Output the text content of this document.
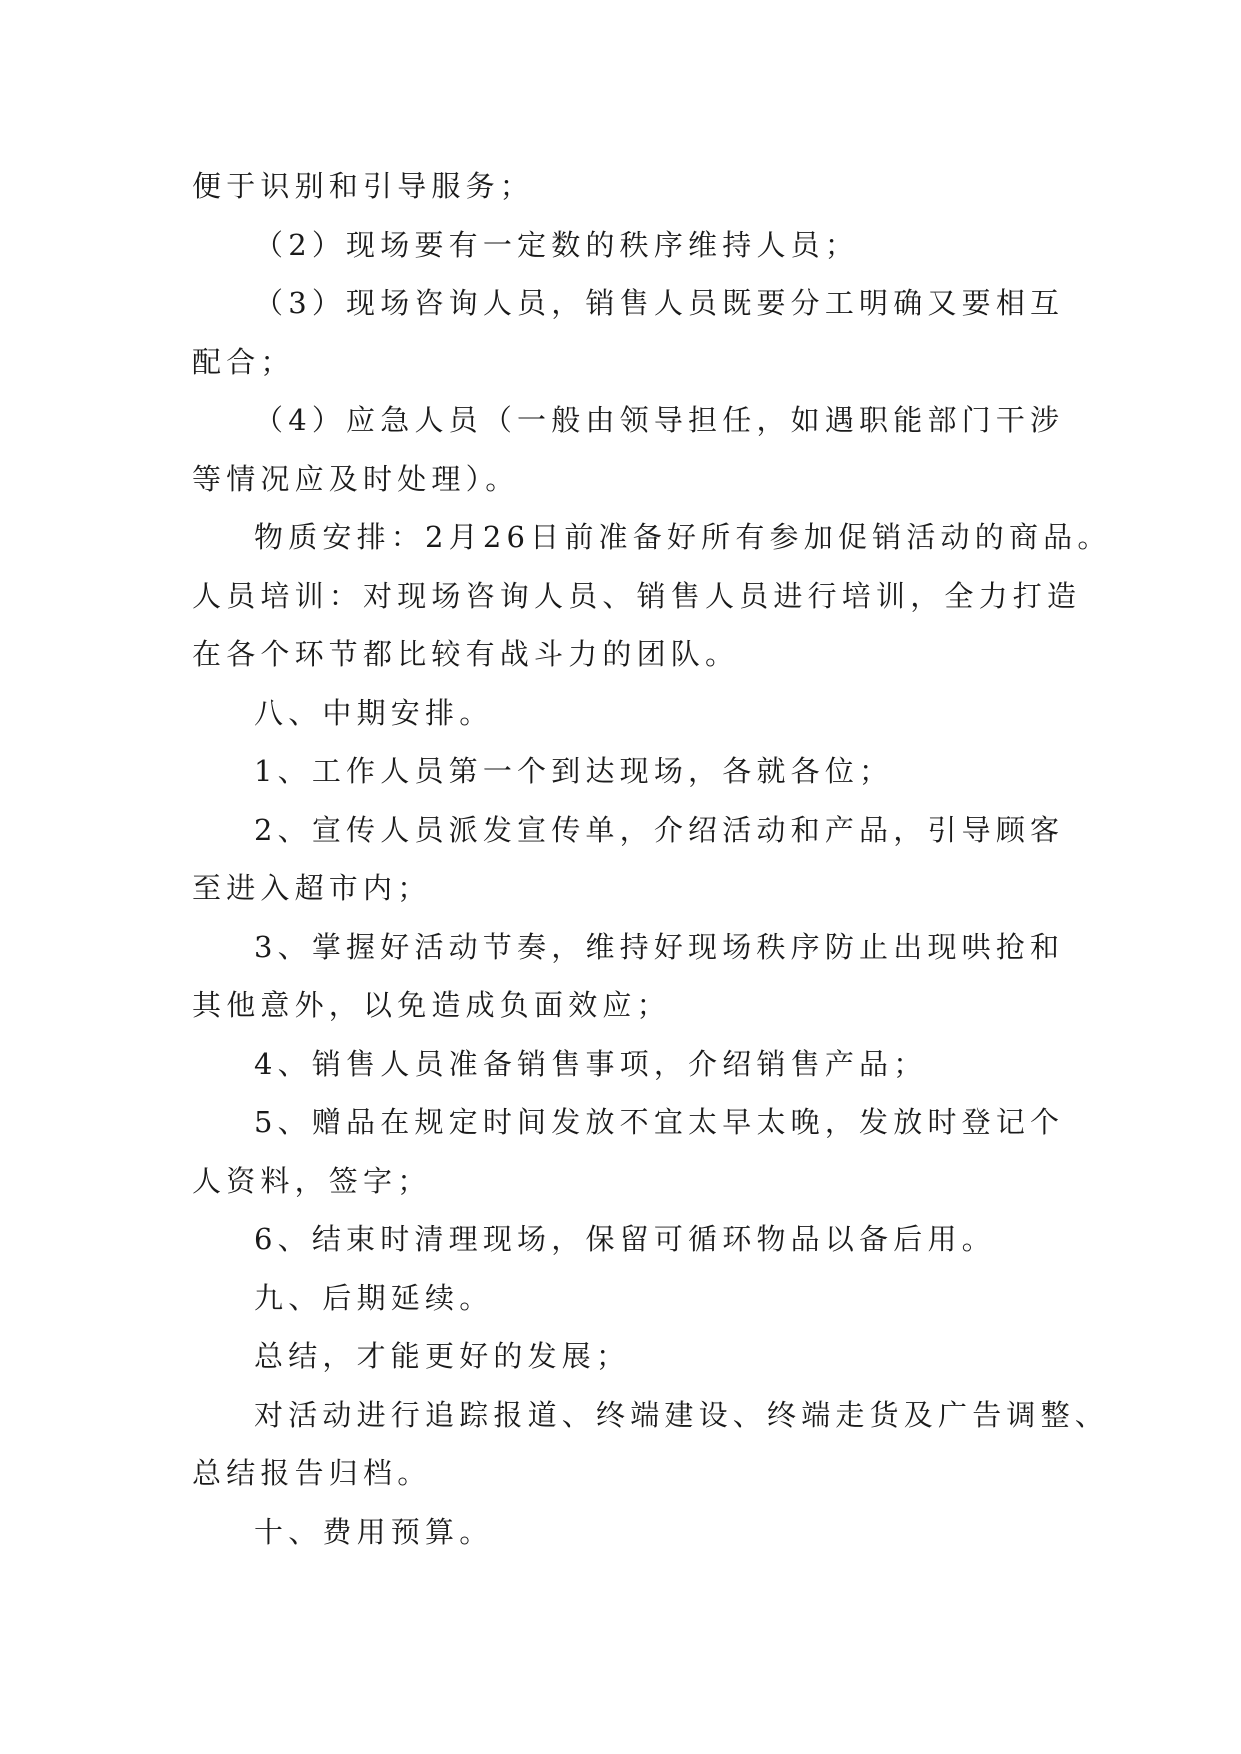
便于识别和引导服务；
（2）现场要有一定数的秩序维持人员；
（3）现场咨询人员，销售人员既要分工明确又要相互
配合；
（4）应急人员（一般由领导担任，如遇职能部门干涉
等情况应及时处理）。
物质安排：2月26日前准备好所有参加促销活动的商品。
人员培训：对现场咨询人员、销售人员进行培训，全力打造
在各个环节都比较有战斗力的团队。
八、中期安排。
1、工作人员第一个到达现场，各就各位；
2、宣传人员派发宣传单，介绍活动和产品，引导顾客
至进入超市内；
3、掌握好活动节奏，维持好现场秩序防止出现哄抢和
其他意外，以免造成负面效应；
4、销售人员准备销售事项，介绍销售产品；
5、赠品在规定时间发放不宜太早太晚，发放时登记个
人资料，签字；
6、结束时清理现场，保留可循环物品以备后用。
九、后期延续。
总结，才能更好的发展；
对活动进行追踪报道、终端建设、终端走货及广告调整、
总结报告归档。
十、费用预算。
